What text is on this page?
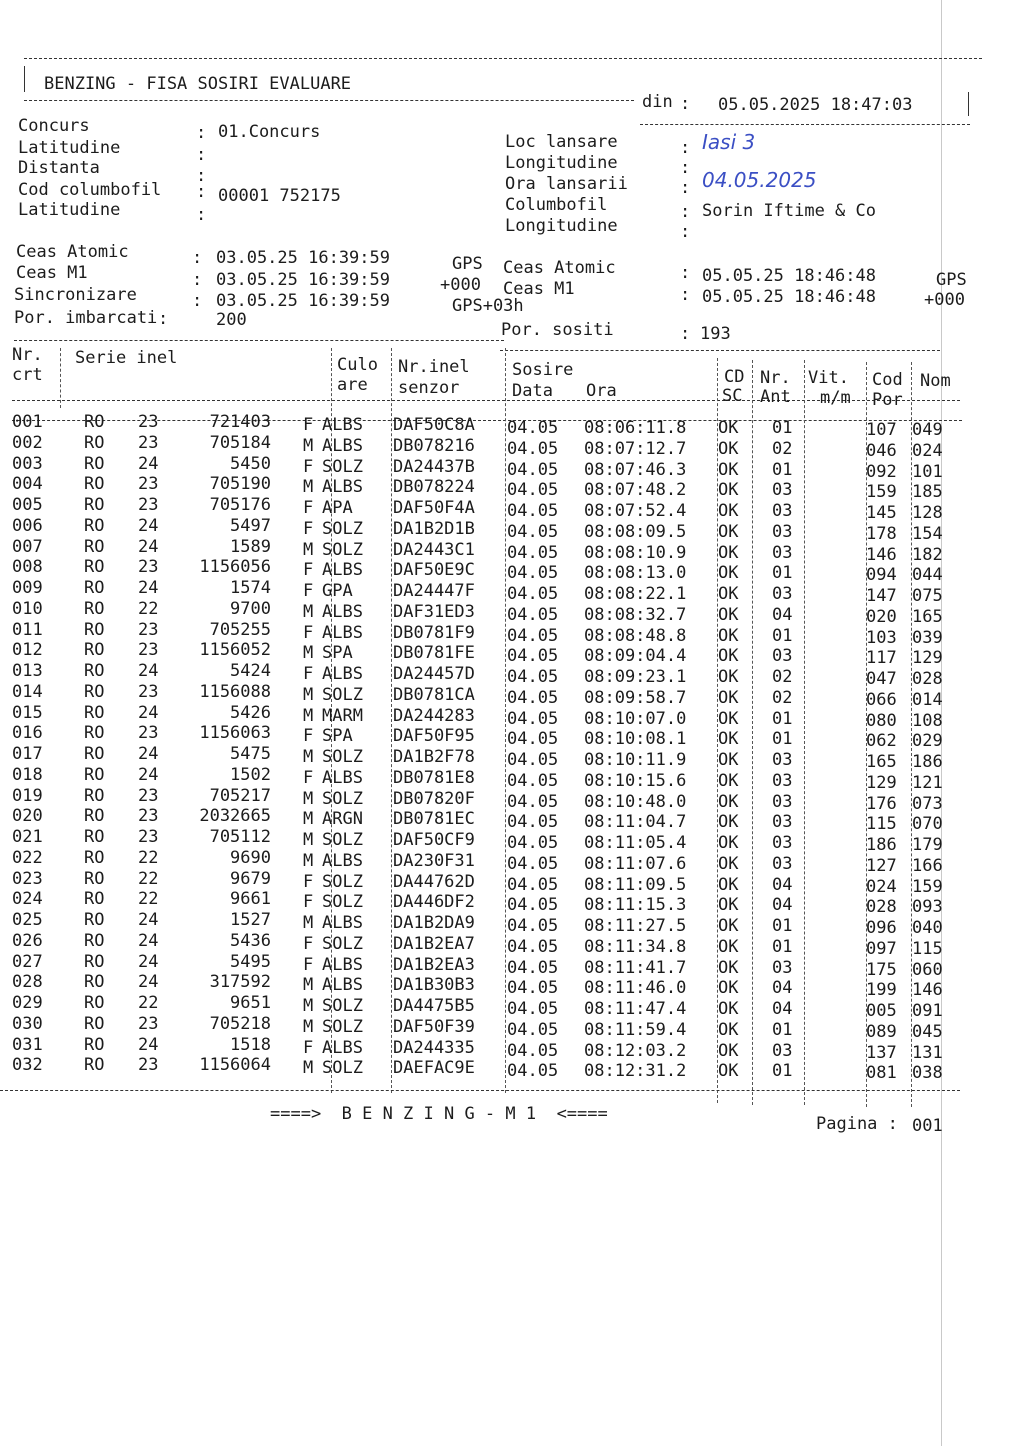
BENZING - FISA SOSIRI EVALUARE
din : 05.05.2025 18:47:03
Concurs	: 01.Concurs
Latitudine	:
Distanta	:
Cod columbofil : 00001 752175
Latitudine	:
Loc lansare	: Iasi 3
Longitudine	:
Ora lansarii	: 04.05.2025
Columbofil	: Sorin Iftime & Co
Longitudine	:
Ceas Atomic	: 03.05.25 16:39:59	GPS
Ceas M1	: 03.05.25 16:39:59	+000
Sincronizare	: 03.05.25 16:39:59	GPS+03h
Por. imbarcati :	200
Ceas Atomic	: 05.05.25 18:46:48	GPS
Ceas M1	: 05.05.25 18:46:48	+000
Por. sositi	: 193
Nr.
crt
Serie inel	Culo
are
Nr.inel
senzor
Sosire
Data Ora
CD
SC
Nr.
Ant
Vit.
m/m
Cod
Por
Nom
001 RO 23	721403 F ALBS DAF50C8A 04.05 08:06:11.8 OK 01	107 049
002 RO 23	705184 M ALBS DB078216 04.05 08:07:12.7 OK 02	046 024
003 RO 24	5450 F SOLZ DA24437B 04.05 08:07:46.3 OK 01	092 101
004 RO 23	705190 M ALBS DB078224 04.05 08:07:48.2 OK 03	159 185
005 RO 23	705176 F APA DAF50F4A 04.05 08:07:52.4 OK 03	145 128
006 RO 24	5497 F SOLZ DA1B2D1B 04.05 08:08:09.5 OK 03	178 154
007 RO 24	1589 M SOLZ DA2443C1 04.05 08:08:10.9 OK 03	146 182
008 RO 23	1156056 F ALBS DAF50E9C 04.05 08:08:13.0 OK 01	094 044
009 RO 24	1574 F GPA DA24447F 04.05 08:08:22.1 OK 03	147 075
010 RO 22	9700 M ALBS DAF31ED3 04.05 08:08:32.7 OK 04	020 165
011 RO 23	705255 F ALBS DB0781F9 04.05 08:08:48.8 OK 01	103 039
012 RO 23	1156052 M SPA DB0781FE 04.05 08:09:04.4 OK 03	117 129
013 RO 24	5424 F ALBS DA24457D 04.05 08:09:23.1 OK 02	047 028
014 RO 23	1156088 M SOLZ DB0781CA 04.05 08:09:58.7 OK 02	066 014
015 RO 24	5426 M MARM DA244283 04.05 08:10:07.0 OK 01	080 108
016 RO 23	1156063 F SPA DAF50F95 04.05 08:10:08.1 OK 01	062 029
017 RO 24	5475 M SOLZ DA1B2F78 04.05 08:10:11.9 OK 03	165 186
018 RO 24	1502 F ALBS DB0781E8 04.05 08:10:15.6 OK 03	129 121
019 RO 23	705217 M SOLZ DB07820F 04.05 08:10:48.0 OK 03	176 073
020 RO 23	2032665 M ARGN DB0781EC 04.05 08:11:04.7 OK 03	115 070
021 RO 23	705112 M SOLZ DAF50CF9 04.05 08:11:05.4 OK 03	186 179
022 RO 22	9690 M ALBS DA230F31 04.05 08:11:07.6 OK 03	127 166
023 RO 22	9679 F SOLZ DA44762D 04.05 08:11:09.5 OK 04	024 159
024 RO 22	9661 F SOLZ DA446DF2 04.05 08:11:15.3 OK 04	028 093
025 RO 24	1527 M ALBS DA1B2DA9 04.05 08:11:27.5 OK 01	096 040
026 RO 24	5436 F SOLZ DA1B2EA7 04.05 08:11:34.8 OK 01	097 115
027 RO 24	5495 F ALBS DA1B2EA3 04.05 08:11:41.7 OK 03	175 060
028 RO 24	317592 M ALBS DA1B30B3 04.05 08:11:46.0 OK 04	199 146
029 RO 22	9651 M SOLZ DA4475B5 04.05 08:11:47.4 OK 04	005 091
030 RO 23	705218 M SOLZ DAF50F39 04.05 08:11:59.4 OK 01	089 045
031 RO 24	1518 F ALBS DA244335 04.05 08:12:03.2 OK 03	137 131
032 RO 23	1156064 M SOLZ DAEFAC9E 04.05 08:12:31.2 OK 01	081 038
====>  B E N Z I N G - M 1  <====	Pagina : 001
